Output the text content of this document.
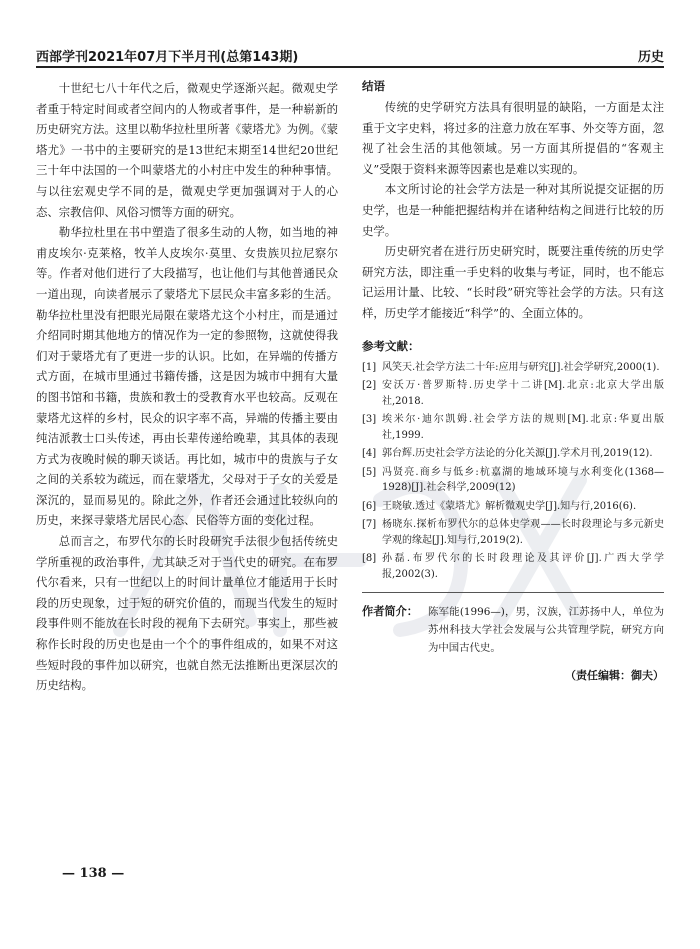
西部学刊2021年07月下半月刊(总第143期)	历史

十世纪七八十年代之后，微观史学逐渐兴起。微观史学者重于特定时间或者空间内的人物或者事件，是一种崭新的历史研究方法。这里以勒华拉杜里所著《蒙塔尤》为例。《蒙塔尤》一书中的主要研究的是13世纪末期至14世纪20世纪三十年中法国的一个叫蒙塔尤的小村庄中发生的种种事情。与以往宏观史学不同的是，微观史学更加强调对于人的心态、宗教信仰、风俗习惯等方面的研究。

勒华拉杜里在书中塑造了很多生动的人物，如当地的神甫皮埃尔·克莱格，牧羊人皮埃尔·莫里、女贵族贝拉尼察尔等。作者对他们进行了大段描写，也让他们与其他普通民众一道出现，向读者展示了蒙塔尤下层民众丰富多彩的生活。勒华拉杜里没有把眼光局限在蒙塔尤这个小村庄，而是通过介绍同时期其他地方的情况作为一定的参照物，这就使得我们对于蒙塔尤有了更进一步的认识。比如，在异端的传播方式方面，在城市里通过书籍传播，这是因为城市中拥有大量的图书馆和书籍，贵族和教士的受教育水平也较高。反观在蒙塔尤这样的乡村，民众的识字率不高，异端的传播主要由纯洁派教士口头传述，再由长辈传递给晚辈，其具体的表现方式为夜晚时候的聊天谈话。再比如，城市中的贵族与子女之间的关系较为疏远，而在蒙塔尤，父母对于子女的关爱是深沉的，显而易见的。除此之外，作者还会通过比较纵向的历史，来探寻蒙塔尤居民心态、民俗等方面的变化过程。

总而言之，布罗代尔的长时段研究手法很少包括传统史学所重视的政治事件，尤其缺乏对于当代史的研究。在布罗代尔看来，只有一世纪以上的时间计量单位才能适用于长时段的历史现象，过于短的研究价值的，而现当代发生的短时段事件则不能放在长时段的视角下去研究。事实上，那些被称作长时段的历史也是由一个个的事件组成的，如果不对这些短时段的事件加以研究，也就自然无法推断出更深层次的历史结构。

结语

传统的史学研究方法具有很明显的缺陷，一方面是太注重于文字史料，将过多的注意力放在军事、外交等方面，忽视了社会生活的其他领域。另一方面其所提倡的“客观主义”受限于资料来源等因素也是难以实现的。

本文所讨论的社会学方法是一种对其所说提交证据的历史学，也是一种能把握结构并在诸种结构之间进行比较的历史学。

历史研究者在进行历史研究时，既要注重传统的历史学研究方法，即注重一手史料的收集与考证，同时，也不能忘记运用计量、比较、“长时段”研究等社会学的方法。只有这样，历史学才能接近“科学”的、全面立体的。

参考文献：
[1] 风笑天.社会学方法二十年:应用与研究[J].社会学研究,2000(1).
[2] 安沃万·普罗斯特.历史学十二讲[M].北京:北京大学出版社,2018.
[3] 埃米尔·迪尔凯姆.社会学方法的规则[M].北京:华夏出版社,1999.
[4] 郭台辉.历史社会学方法论的分化关源[J].学术月刊,2019(12).
[5] 冯贤亮.商乡与低乡:杭嘉湖的地域环境与水利变化(1368—1928)[J].社会科学,2009(12)
[6] 王晓敏.透过《蒙塔尤》解析微观史学[J].知与行,2016(6).
[7] 杨晓东.探析布罗代尔的总体史学观——长时段理论与多元新史学观的缘起[J].知与行,2019(2).
[8] 孙磊.布罗代尔的长时段理论及其评价[J].广西大学学报,2002(3).
作者简介： 陈军能(1996—)，男，汉族，江苏扬中人，单位为苏州科技大学社会发展与公共管理学院，研究方向为中国古代史。
（责任编辑：御夫）
— 138 —
